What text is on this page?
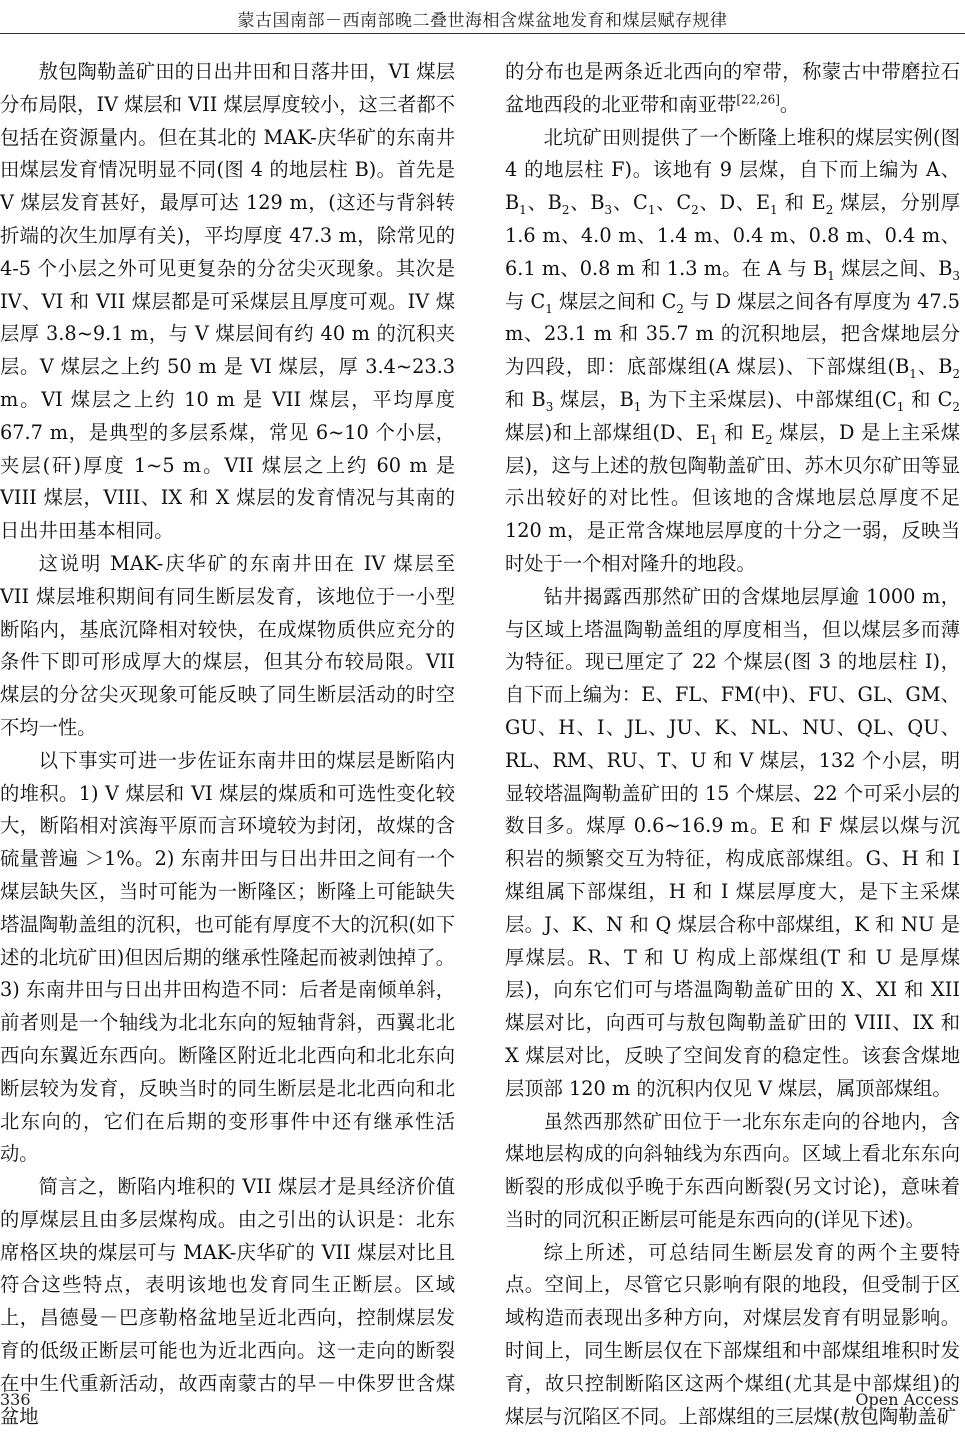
蒙古国南部－西南部晚二叠世海相含煤盆地发育和煤层赋存规律

敖包陶勒盖矿田的日出井田和日落井田，VI 煤层分布局限，IV 煤层和 VII 煤层厚度较小，这三者都不包括在资源量内。但在其北的 MAK-庆华矿的东南井田煤层发育情况明显不同(图 4 的地层柱 B)。首先是 V 煤层发育甚好，最厚可达 129 m，(这还与背斜转折端的次生加厚有关)，平均厚度 47.3 m，除常见的 4-5 个小层之外可见更复杂的分岔尖灭现象。其次是 IV、VI 和 VII 煤层都是可采煤层且厚度可观。IV 煤层厚 3.8~9.1 m，与 V 煤层间有约 40 m 的沉积夹层。V 煤层之上约 50 m 是 VI 煤层，厚 3.4~23.3 m。VI 煤层之上约 10 m 是 VII 煤层，平均厚度 67.7 m，是典型的多层系煤，常见 6~10 个小层，夹层(矸)厚度 1~5 m。VII 煤层之上约 60 m 是 VIII 煤层，VIII、IX 和 X 煤层的发育情况与其南的日出井田基本相同。

这说明 MAK-庆华矿的东南井田在 IV 煤层至 VII 煤层堆积期间有同生断层发育，该地位于一小型断陷内，基底沉降相对较快，在成煤物质供应充分的条件下即可形成厚大的煤层，但其分布较局限。VII 煤层的分岔尖灭现象可能反映了同生断层活动的时空不均一性。

以下事实可进一步佐证东南井田的煤层是断陷内的堆积。1) V 煤层和 VI 煤层的煤质和可选性变化较大，断陷相对滨海平原而言环境较为封闭，故煤的含硫量普遍 ＞1%。2) 东南井田与日出井田之间有一个煤层缺失区，当时可能为一断隆区；断隆上可能缺失塔温陶勒盖组的沉积，也可能有厚度不大的沉积(如下述的北坑矿田)但因后期的继承性隆起而被剥蚀掉了。3) 东南井田与日出井田构造不同：后者是南倾单斜，前者则是一个轴线为北北东向的短轴背斜，西翼北北西向东翼近东西向。断隆区附近北北西向和北北东向断层较为发育，反映当时的同生断层是北北西向和北北东向的，它们在后期的变形事件中还有继承性活动。

简言之，断陷内堆积的 VII 煤层才是具经济价值的厚煤层且由多层煤构成。由之引出的认识是：北东席格区块的煤层可与 MAK-庆华矿的 VII 煤层对比且符合这些特点，表明该地也发育同生正断层。区域上，昌德曼－巴彦勒格盆地呈近北西向，控制煤层发育的低级正断层可能也为近北西向。这一走向的断裂在中生代重新活动，故西南蒙古的早－中侏罗世含煤盆地

的分布也是两条近北西向的窄带，称蒙古中带磨拉石盆地西段的北亚带和南亚带[22,26]。

北坑矿田则提供了一个断隆上堆积的煤层实例(图 4 的地层柱 F)。该地有 9 层煤，自下而上编为 A、$B_1$、$B_2$、$B_3$、$C_1$、$C_2$、D、$E_1$ 和 $E_2$ 煤层，分别厚 1.6 m、4.0 m、1.4 m、0.4 m、0.8 m、0.4 m、6.1 m、0.8 m 和 1.3 m。在 A 与 $B_1$ 煤层之间、$B_3$ 与 $C_1$ 煤层之间和 $C_2$ 与 D 煤层之间各有厚度为 47.5 m、23.1 m 和 35.7 m 的沉积地层，把含煤地层分为四段，即：底部煤组(A 煤层)、下部煤组($B_1$、$B_2$ 和 $B_3$ 煤层，$B_1$ 为下主采煤层)、中部煤组($C_1$ 和 $C_2$ 煤层)和上部煤组(D、$E_1$ 和 $E_2$ 煤层，D 是上主采煤层)，这与上述的敖包陶勒盖矿田、苏木贝尔矿田等显示出较好的对比性。但该地的含煤地层总厚度不足 120 m，是正常含煤地层厚度的十分之一弱，反映当时处于一个相对隆升的地段。

钻井揭露西那然矿田的含煤地层厚逾 1000 m，与区域上塔温陶勒盖组的厚度相当，但以煤层多而薄为特征。现已厘定了 22 个煤层(图 3 的地层柱 I)，自下而上编为：E、FL、FM(中)、FU、GL、GM、GU、H、I、JL、JU、K、NL、NU、QL、QU、RL、RM、RU、T、U 和 V 煤层，132 个小层，明显较塔温陶勒盖矿田的 15 个煤层、22 个可采小层的数目多。煤厚 0.6~16.9 m。E 和 F 煤层以煤与沉积岩的频繁交互为特征，构成底部煤组。G、H 和 I 煤组属下部煤组，H 和 I 煤层厚度大，是下主采煤层。J、K、N 和 Q 煤层合称中部煤组，K 和 NU 是厚煤层。R、T 和 U 构成上部煤组(T 和 U 是厚煤层)，向东它们可与塔温陶勒盖矿田的 X、XI 和 XII 煤层对比，向西可与敖包陶勒盖矿田的 VIII、IX 和 X 煤层对比，反映了空间发育的稳定性。该套含煤地层顶部 120 m 的沉积内仅见 V 煤层，属顶部煤组。

虽然西那然矿田位于一北东东走向的谷地内，含煤地层构成的向斜轴线为东西向。区域上看北东东向断裂的形成似乎晚于东西向断裂(另文讨论)，意味着当时的同沉积正断层可能是东西向的(详见下述)。

综上所述，可总结同生断层发育的两个主要特点。空间上，尽管它只影响有限的地段，但受制于区域构造而表现出多种方向，对煤层发育有明显影响。时间上，同生断层仅在下部煤组和中部煤组堆积时发育，故只控制断陷区这两个煤组(尤其是中部煤组)的煤层与沉陷区不同。上部煤组的三层煤(敖包陶勒盖矿

336	Open Access
